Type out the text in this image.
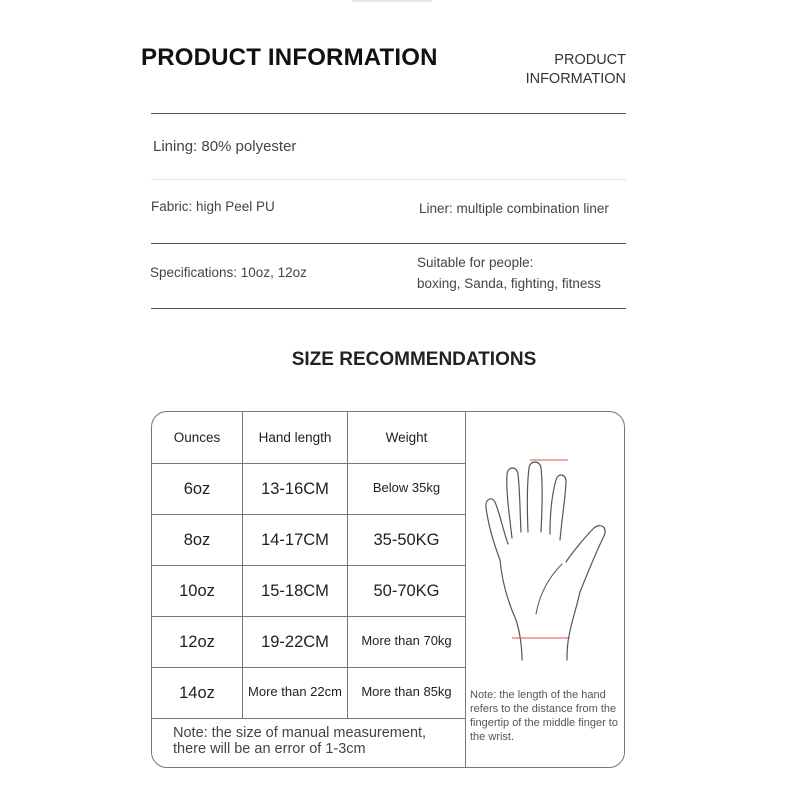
PRODUCT INFORMATION	PRODUCT
INFORMATION
Lining: 80% polyester
Fabric: high Peel PU	Liner: multiple combination liner
Specifications: 10oz, 12oz
Suitable for people:
boxing, Sanda, fighting, fitness
SIZE RECOMMENDATIONS
Ounces	Hand length	Weight
6oz	13-16CM	Below 35kg
8oz	14-17CM	35-50KG
10oz	15-18CM	50-70KG
12oz	19-22CM	More than 70kg
14oz	More than 22cm	More than 85kg
Note: the size of manual measurement,
there will be an error of 1-3cm
Note: the length of the hand refers to the distance from the fingertip of the middle finger to the wrist.
